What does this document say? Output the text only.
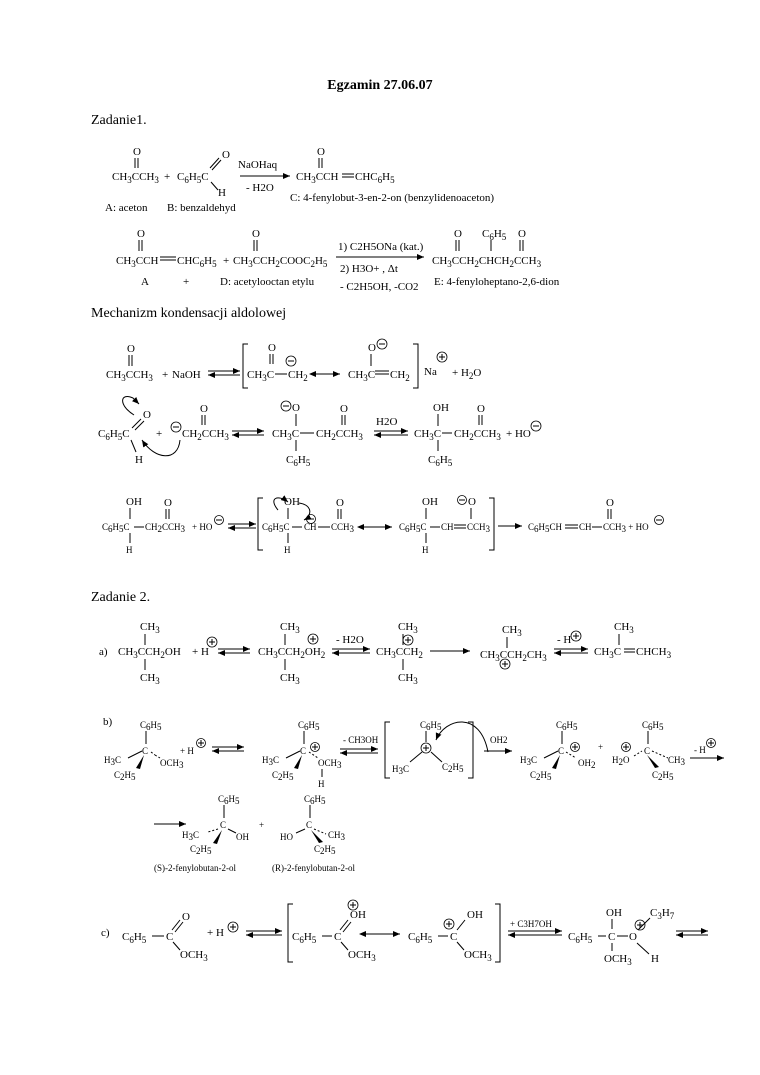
Egzamin 27.06.07
Zadanie1.
Mechanizm kondensacji aldolowej
Zadanie 2.
O
$CH_3CCH_3 + C_6H_5C$
O
H
NaOHaq
- H2O
O
$CH_3CCH$ $CHC_6H_5$
A: aceton B: benzaldehyd
C: 4-fenylobut-3-en-2-on (benzylidenoaceton)
O
$CH_3CCH$ $CHC_6H_5$ +
O
$CH_3CCH_2COOC_2H_5$
1) C2H5ONa (kat.)
2) H3O+ , Δt
- C2H5OH, -CO2
O $C_6H_5$ O
$CH_3CCH_2CHCH_2CCH_3$
A	+	D: acetylooctan etylu	E: 4-fenyloheptano-2,6-dion
O
$CH_3CCH_3$ + NaOH
O
$CH_3C$ $CH_2$
O
$CH_3C$ $CH_2$ $Na + H_2O$
O
$C_6H_5C$
H
+
O
$CH_2CCH_3$
O	O
$CH_3C$ $CH_2CCH_3$
$C_6H_5$
H2O
OH	O
$CH_3C$ $CH_2CCH_3$
$C_6H_5$
+ HO
OH O
C6H5C CH2CCH3
H
+ HO
OH	O
C6H5C CH CCH3
H
OH	O
C6H5C CH CCH3
H
O
C6H5CH CH CCH3 + HO
a)
$CH_3$
$CH_3CCH_2OH$
$CH_3$
+ H
$CH_3$
$CH_3CCH_2OH_2$
$CH_3$
- H2O
$CH_3$
$CH_3CCH_2$
$CH_3$
$CH_3$
$CH_3CCH_2CH_3$
- H
$CH_3$
$CH_3C$ $CHCH_3$
b)	C6H5
C
H3C
C2H5
OCH3
+ H
C6H5
C
H3C
C2H5
OCH3
H
- CH3OH
C6H5
H3C	C2H5
OH2
C6H5
C
H3C
C2H5
OH2
+
H2O
C6H5
C
CH3
C2H5
- H
C6H5
C
H3C
C2H5
OH
+
C6H5
C
HO	CH3
C2H5
(S)-2-fenylobutan-2-ol	(R)-2-fenylobutan-2-ol
c) $C_6H_5$ C
O
$OCH_3$
+ H	$C_6H_5$ C
OH
$OCH_3$
$C_6H_5$ C
OH
$OCH_3$
+ C3H7OH
$C_6H_5$ C
OH
$OCH_3$
O
$C_3H_7$
H
